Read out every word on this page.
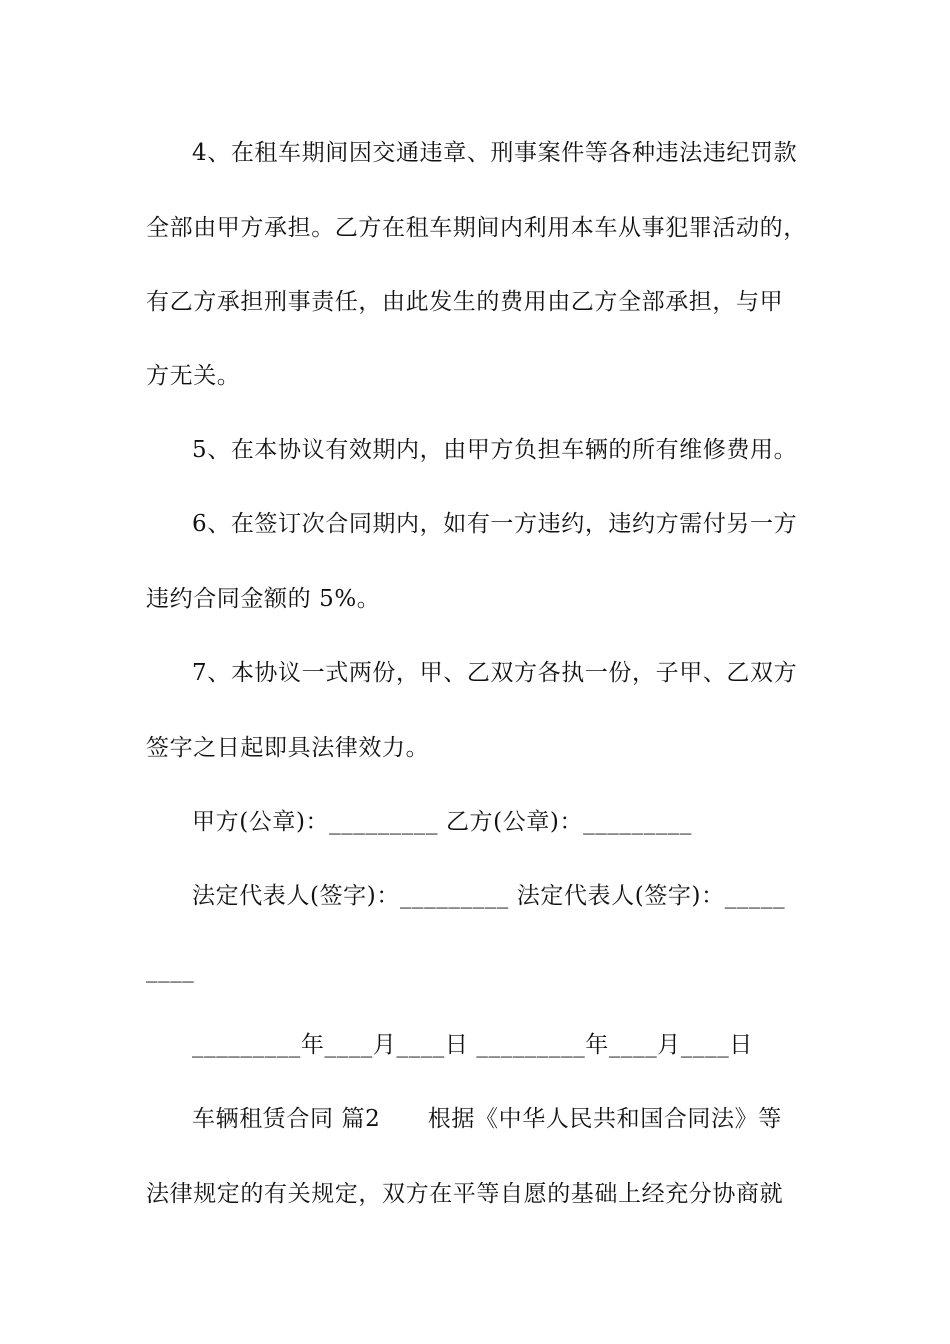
4、在租车期间因交通违章、刑事案件等各种违法违纪罚款
全部由甲方承担。乙方在租车期间内利用本车从事犯罪活动的，
有乙方承担刑事责任，由此发生的费用由乙方全部承担，与甲
方无关。
5、在本协议有效期内，由甲方负担车辆的所有维修费用。
6、在签订次合同期内，如有一方违约，违约方需付另一方
违约合同金额的 5%。
7、本协议一式两份，甲、乙双方各执一份，子甲、乙双方
签字之日起即具法律效力。
甲方(公章)：_________ 乙方(公章)：_________
法定代表人(签字)：_________ 法定代表人(签字)：_____
____
_________年____月____日 _________年____月____日
车辆租赁合同 篇2      根据《中华人民共和国合同法》等
法律规定的有关规定，双方在平等自愿的基础上经充分协商就
